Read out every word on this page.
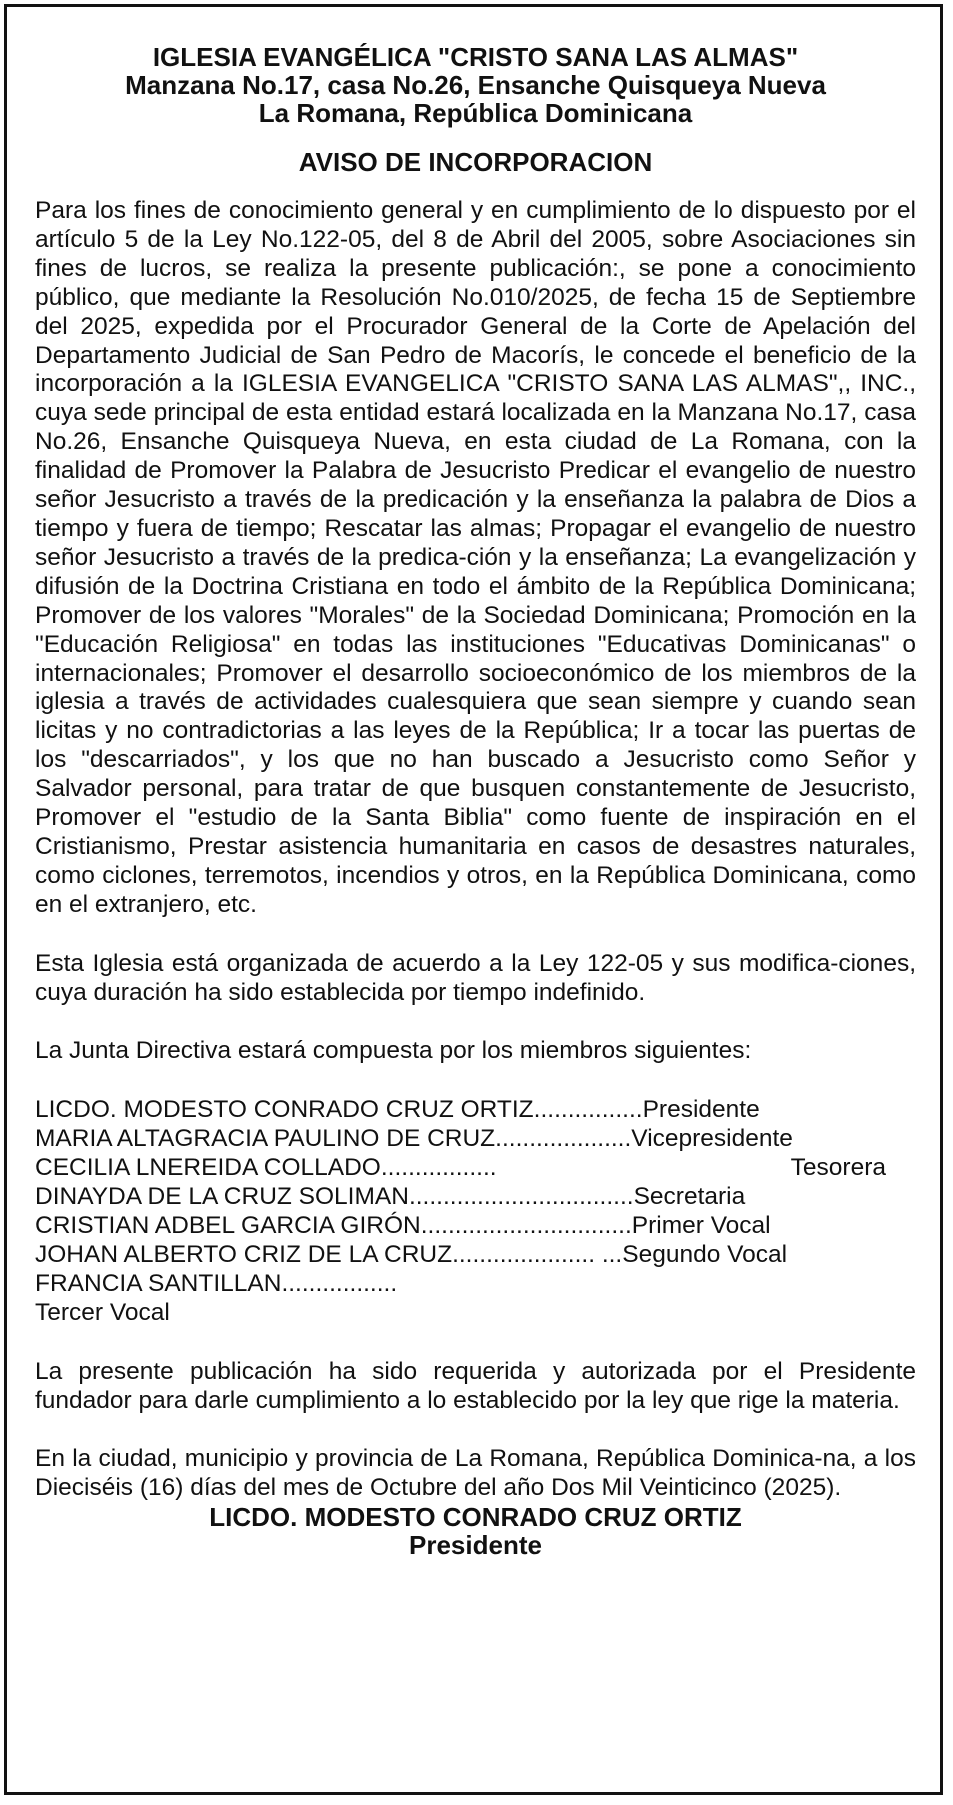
IGLESIA EVANGÉLICA "CRISTO SANA LAS ALMAS"
Manzana No.17, casa No.26, Ensanche Quisqueya Nueva
La Romana, República Dominicana
AVISO DE INCORPORACION

Para los fines de conocimiento general y en cumplimiento de lo dispuesto por el artículo 5 de la Ley No.122-05, del 8 de Abril del 2005, sobre Asociaciones sin fines de lucros, se realiza la presente publicación:, se pone a conocimiento público, que mediante la Resolución No.010/2025, de fecha 15 de Septiembre del 2025, expedida por el Procurador General de la Corte de Apelación del Departamento Judicial de San Pedro de Macorís, le concede el beneficio de la incorporación a la IGLESIA EVANGELICA "CRISTO SANA LAS ALMAS",, INC., cuya sede principal de esta entidad estará localizada en la Manzana No.17, casa No.26, Ensanche Quisqueya Nueva, en esta ciudad de La Romana, con la finalidad de Promover la Palabra de Jesucristo Predicar el evangelio de nuestro señor Jesucristo a través de la predicación y la enseñanza la palabra de Dios a tiempo y fuera de tiempo; Rescatar las almas; Propagar el evangelio de nuestro señor Jesucristo a través de la predica-ción y la enseñanza; La evangelización y difusión de la Doctrina Cristiana en todo el ámbito de la República Dominicana; Promover de los valores "Morales" de la Sociedad Dominicana; Promoción en la "Educación Religiosa" en todas las instituciones "Educativas Dominicanas" o internacionales; Promover el desarrollo socioeconómico de los miembros de la iglesia a través de actividades cualesquiera que sean siempre y cuando sean licitas y no contradictorias a las leyes de la República; Ir a tocar las puertas de los "descarriados", y los que no han buscado a Jesucristo como Señor y Salvador personal, para tratar de que busquen constantemente de Jesucristo, Promover el "estudio de la Santa Biblia" como fuente de inspiración en el Cristianismo, Prestar asistencia humanitaria en casos de desastres naturales, como ciclones, terremotos, incendios y otros, en la República Dominicana, como en el extranjero, etc.

Esta Iglesia está organizada de acuerdo a la Ley 122-05 y sus modifica-ciones, cuya duración ha sido establecida por tiempo indefinido.

La Junta Directiva estará compuesta por los miembros siguientes:

LICDO. MODESTO CONRADO CRUZ ORTIZ ................ Presidente
MARIA ALTAGRACIA PAULINO DE CRUZ .................... Vicepresidente
CECILIA LNEREIDA COLLADO .................	Tesorera
DINAYDA DE LA CRUZ SOLIMAN ................................. Secretaria
CRISTIAN ADBEL GARCIA GIRÓN ............................... Primer Vocal
JOHAN ALBERTO CRIZ DE LA CRUZ ..................... ... Segundo Vocal
FRANCIA SANTILLAN .................
Tercer Vocal

La presente publicación ha sido requerida y autorizada por el Presidente fundador para darle cumplimiento a lo establecido por la ley que rige la materia.

En la ciudad, municipio y provincia de La Romana, República Dominica-na, a los Dieciséis (16) días del mes de Octubre del año Dos Mil Veinticinco (2025).

LICDO. MODESTO CONRADO CRUZ ORTIZ
Presidente
